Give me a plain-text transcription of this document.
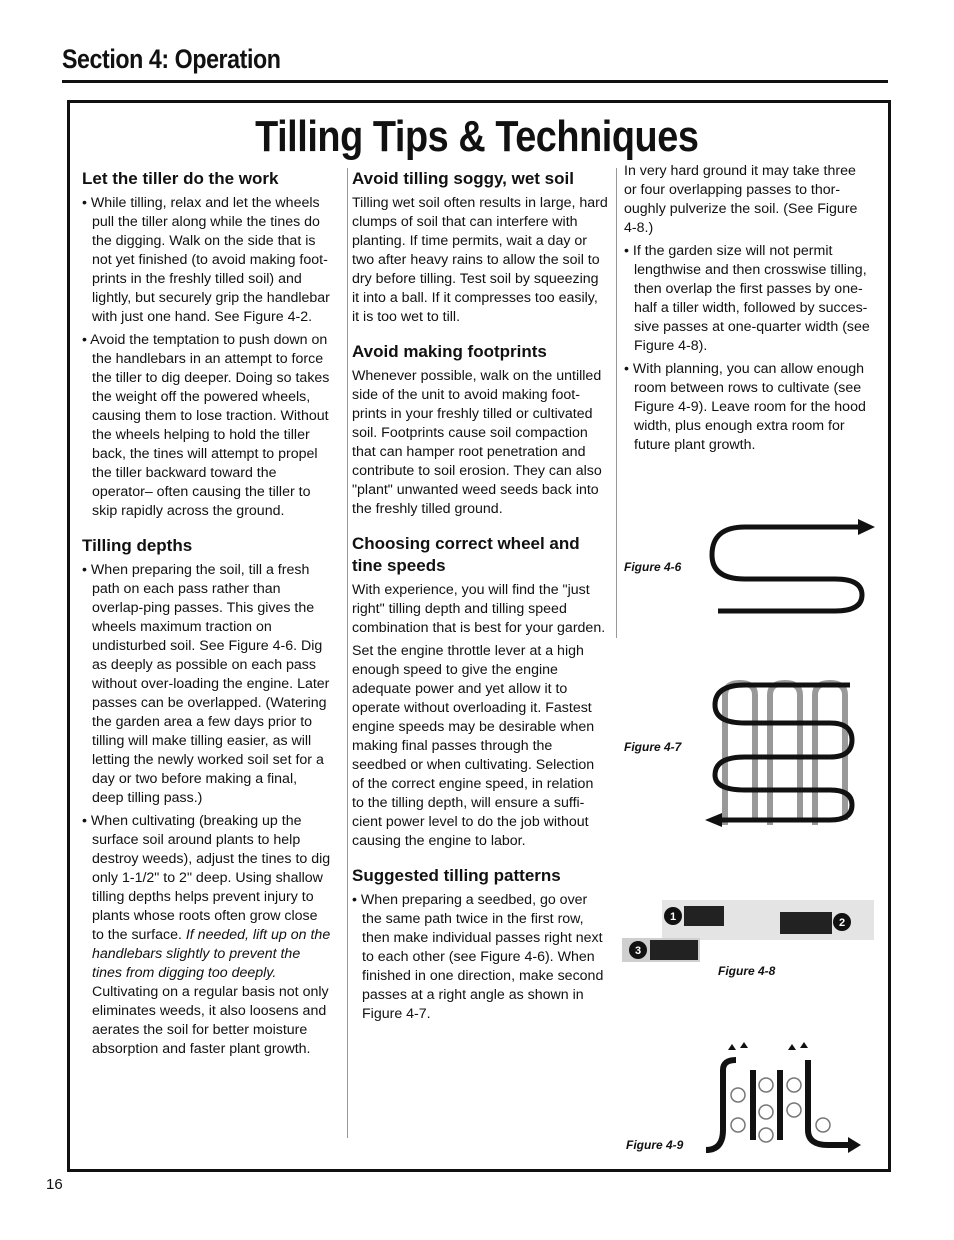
Section 4: Operation
Tilling Tips & Techniques
Let the tiller do the work

• While tilling, relax and let the wheels pull the tiller along while the tines do the digging. Walk on the side that is not yet finished (to avoid making foot-prints in the freshly tilled soil) and lightly, but securely grip the handlebar with just one hand. See Figure 4-2.

• Avoid the temptation to push down on the handlebars in an attempt to force the tiller to dig deeper. Doing so takes the weight off the powered wheels, causing them to lose traction. Without the wheels helping to hold the tiller back, the tines will attempt to propel the tiller backward toward the operator– often causing the tiller to skip rapidly across the ground.

Tilling depths

• When preparing the soil, till a fresh path on each pass rather than overlap-ping passes. This gives the wheels maximum traction on undisturbed soil. See Figure 4-6. Dig as deeply as possible on each pass without over-loading the engine. Later passes can be overlapped. (Watering the garden area a few days prior to tilling will make tilling easier, as will letting the newly worked soil set for a day or two before making a final, deep tilling pass.)

• When cultivating (breaking up the surface soil around plants to help destroy weeds), adjust the tines to dig only 1-1/2" to 2" deep. Using shallow tilling depths helps prevent injury to plants whose roots often grow close to the surface. If needed, lift up on the handlebars slightly to prevent the tines from digging too deeply. Cultivating on a regular basis not only eliminates weeds, it also loosens and aerates the soil for better moisture absorption and faster plant growth.

Avoid tilling soggy, wet soil

Tilling wet soil often results in large, hard clumps of soil that can interfere with planting. If time permits, wait a day or two after heavy rains to allow the soil to dry before tilling. Test soil by squeezing it into a ball. If it compresses too easily, it is too wet to till.

Avoid making footprints

Whenever possible, walk on the untilled side of the unit to avoid making foot-prints in your freshly tilled or cultivated soil. Footprints cause soil compaction that can hamper root penetration and contribute to soil erosion. They can also "plant" unwanted weed seeds back into the freshly tilled ground.

Choosing correct wheel and tine speeds

With experience, you will find the "just right" tilling depth and tilling speed combination that is best for your garden.

Set the engine throttle lever at a high enough speed to give the engine adequate power and yet allow it to operate without overloading it. Fastest engine speeds may be desirable when making final passes through the seedbed or when cultivating. Selection of the correct engine speed, in relation to the tilling depth, will ensure a suffi-cient power level to do the job without causing the engine to labor.

Suggested tilling patterns

• When preparing a seedbed, go over the same path twice in the first row, then make individual passes right next to each other (see Figure 4-6). When finished in one direction, make second passes at a right angle as shown in Figure 4-7.

In very hard ground it may take three or four overlapping passes to thor-oughly pulverize the soil. (See Figure 4-8.)

• If the garden size will not permit lengthwise and then crosswise tilling, then overlap the first passes by one-half a tiller width, followed by succes-sive passes at one-quarter width (see Figure 4-8).

• With planning, you can allow enough room between rows to cultivate (see Figure 4-9). Leave room for the hood width, plus enough extra room for future plant growth.

Figure 4-6
Figure 4-7
1	2
3
Figure 4-8
Figure 4-9
16
